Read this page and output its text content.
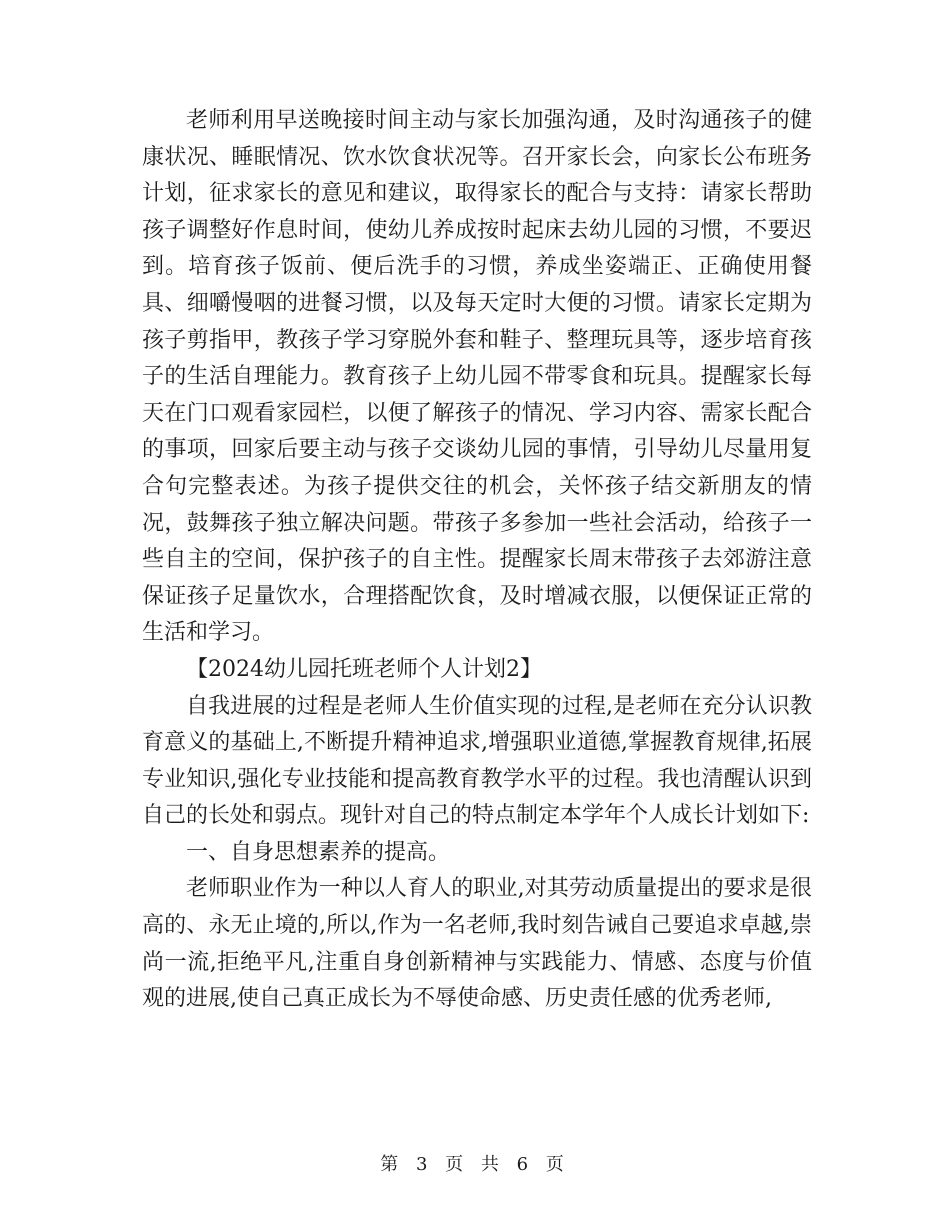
老师利用早送晚接时间主动与家长加强沟通，及时沟通孩子的健康状况、睡眠情况、饮水饮食状况等。召开家长会，向家长公布班务计划，征求家长的意见和建议，取得家长的配合与支持：请家长帮助孩子调整好作息时间，使幼儿养成按时起床去幼儿园的习惯，不要迟到。培育孩子饭前、便后洗手的习惯，养成坐姿端正、正确使用餐具、细嚼慢咽的进餐习惯，以及每天定时大便的习惯。请家长定期为孩子剪指甲，教孩子学习穿脱外套和鞋子、整理玩具等，逐步培育孩子的生活自理能力。教育孩子上幼儿园不带零食和玩具。提醒家长每天在门口观看家园栏，以便了解孩子的情况、学习内容、需家长配合的事项，回家后要主动与孩子交谈幼儿园的事情，引导幼儿尽量用复合句完整表述。为孩子提供交往的机会，关怀孩子结交新朋友的情况，鼓舞孩子独立解决问题。带孩子多参加一些社会活动，给孩子一些自主的空间，保护孩子的自主性。提醒家长周末带孩子去郊游注意保证孩子足量饮水，合理搭配饮食，及时增减衣服，以便保证正常的生活和学习。

【2024幼儿园托班老师个人计划2】

自我进展的过程是老师人生价值实现的过程,是老师在充分认识教育意义的基础上,不断提升精神追求,增强职业道德,掌握教育规律,拓展专业知识,强化专业技能和提高教育教学水平的过程。我也清醒认识到自己的长处和弱点。现针对自己的特点制定本学年个人成长计划如下:

一、自身思想素养的提高。

老师职业作为一种以人育人的职业,对其劳动质量提出的要求是很高的、永无止境的,所以,作为一名老师,我时刻告诫自己要追求卓越,崇尚一流,拒绝平凡,注重自身创新精神与实践能力、情感、态度与价值观的进展,使自己真正成长为不辱使命感、历史责任感的优秀老师,

第 3 页 共 6 页
